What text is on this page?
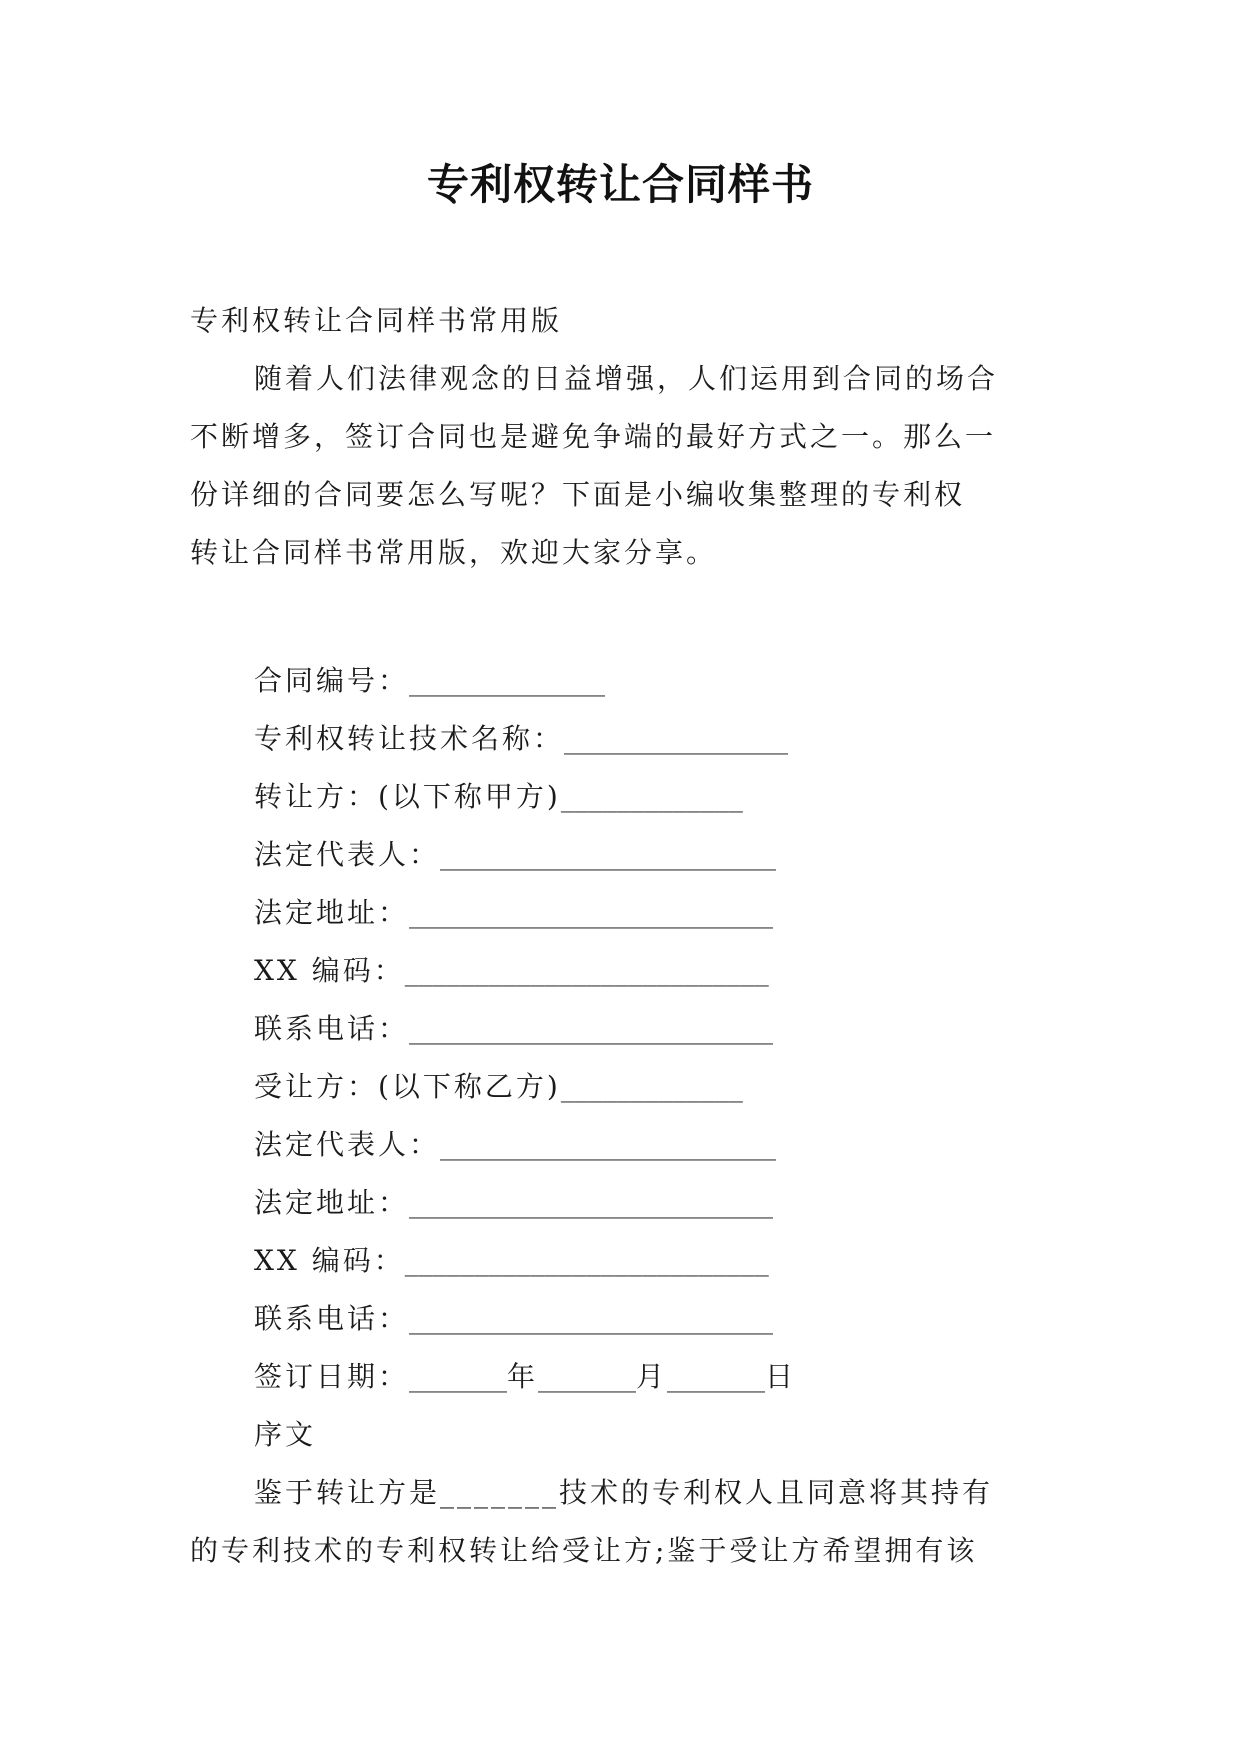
专利权转让合同样书
专利权转让合同样书常用版
随着人们法律观念的日益增强，人们运用到合同的场合
不断增多，签订合同也是避免争端的最好方式之一。那么一
份详细的合同要怎么写呢？下面是小编收集整理的专利权
转让合同样书常用版，欢迎大家分享。
合同编号：______________
专利权转让技术名称：________________
转让方：(以下称甲方)_____________
法定代表人：________________________
法定地址：__________________________
XX 编码：__________________________
联系电话：__________________________
受让方：(以下称乙方)_____________
法定代表人：________________________
法定地址：__________________________
XX 编码：__________________________
联系电话：__________________________
签订日期：_______年_______月_______日
序文
鉴于转让方是_______技术的专利权人且同意将其持有
的专利技术的专利权转让给受让方;鉴于受让方希望拥有该
